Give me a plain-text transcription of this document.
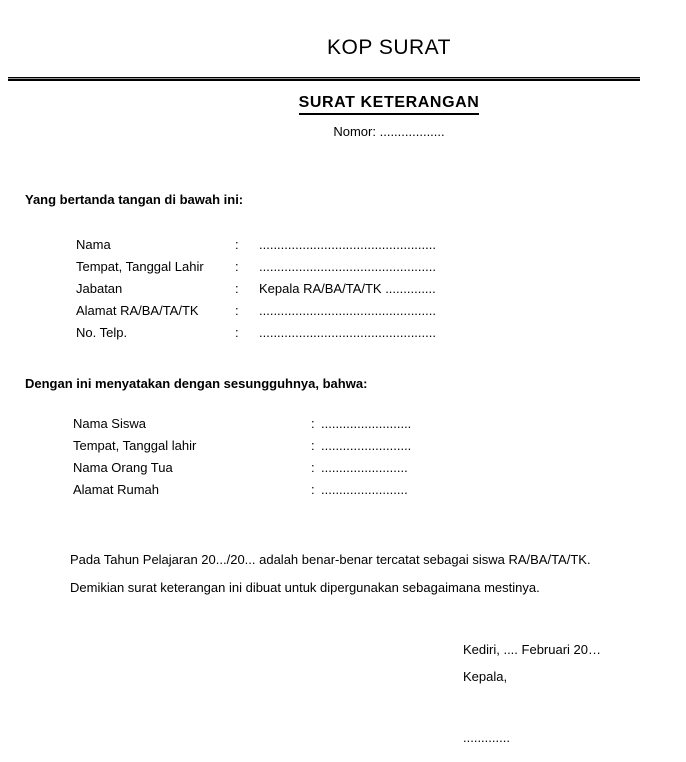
KOP SURAT
SURAT KETERANGAN
Nomor: ..................
Yang bertanda tangan di bawah ini:
Nama	:	.................................................
Tempat, Tanggal Lahir	:	.................................................
Jabatan	:	Kepala RA/BA/TA/TK ..............
Alamat RA/BA/TA/TK	:	.................................................
No. Telp.	:	.................................................
Dengan ini menyatakan dengan sesungguhnya, bahwa:
Nama Siswa	: .........................
Tempat, Tanggal lahir	: .........................
Nama Orang Tua	: ........................
Alamat Rumah	: ........................
Pada Tahun Pelajaran 20.../20... adalah benar-benar tercatat sebagai siswa RA/BA/TA/TK.
Demikian surat keterangan ini dibuat untuk dipergunakan sebagaimana mestinya.
Kediri, .... Februari 20…
Kepala,
.............
